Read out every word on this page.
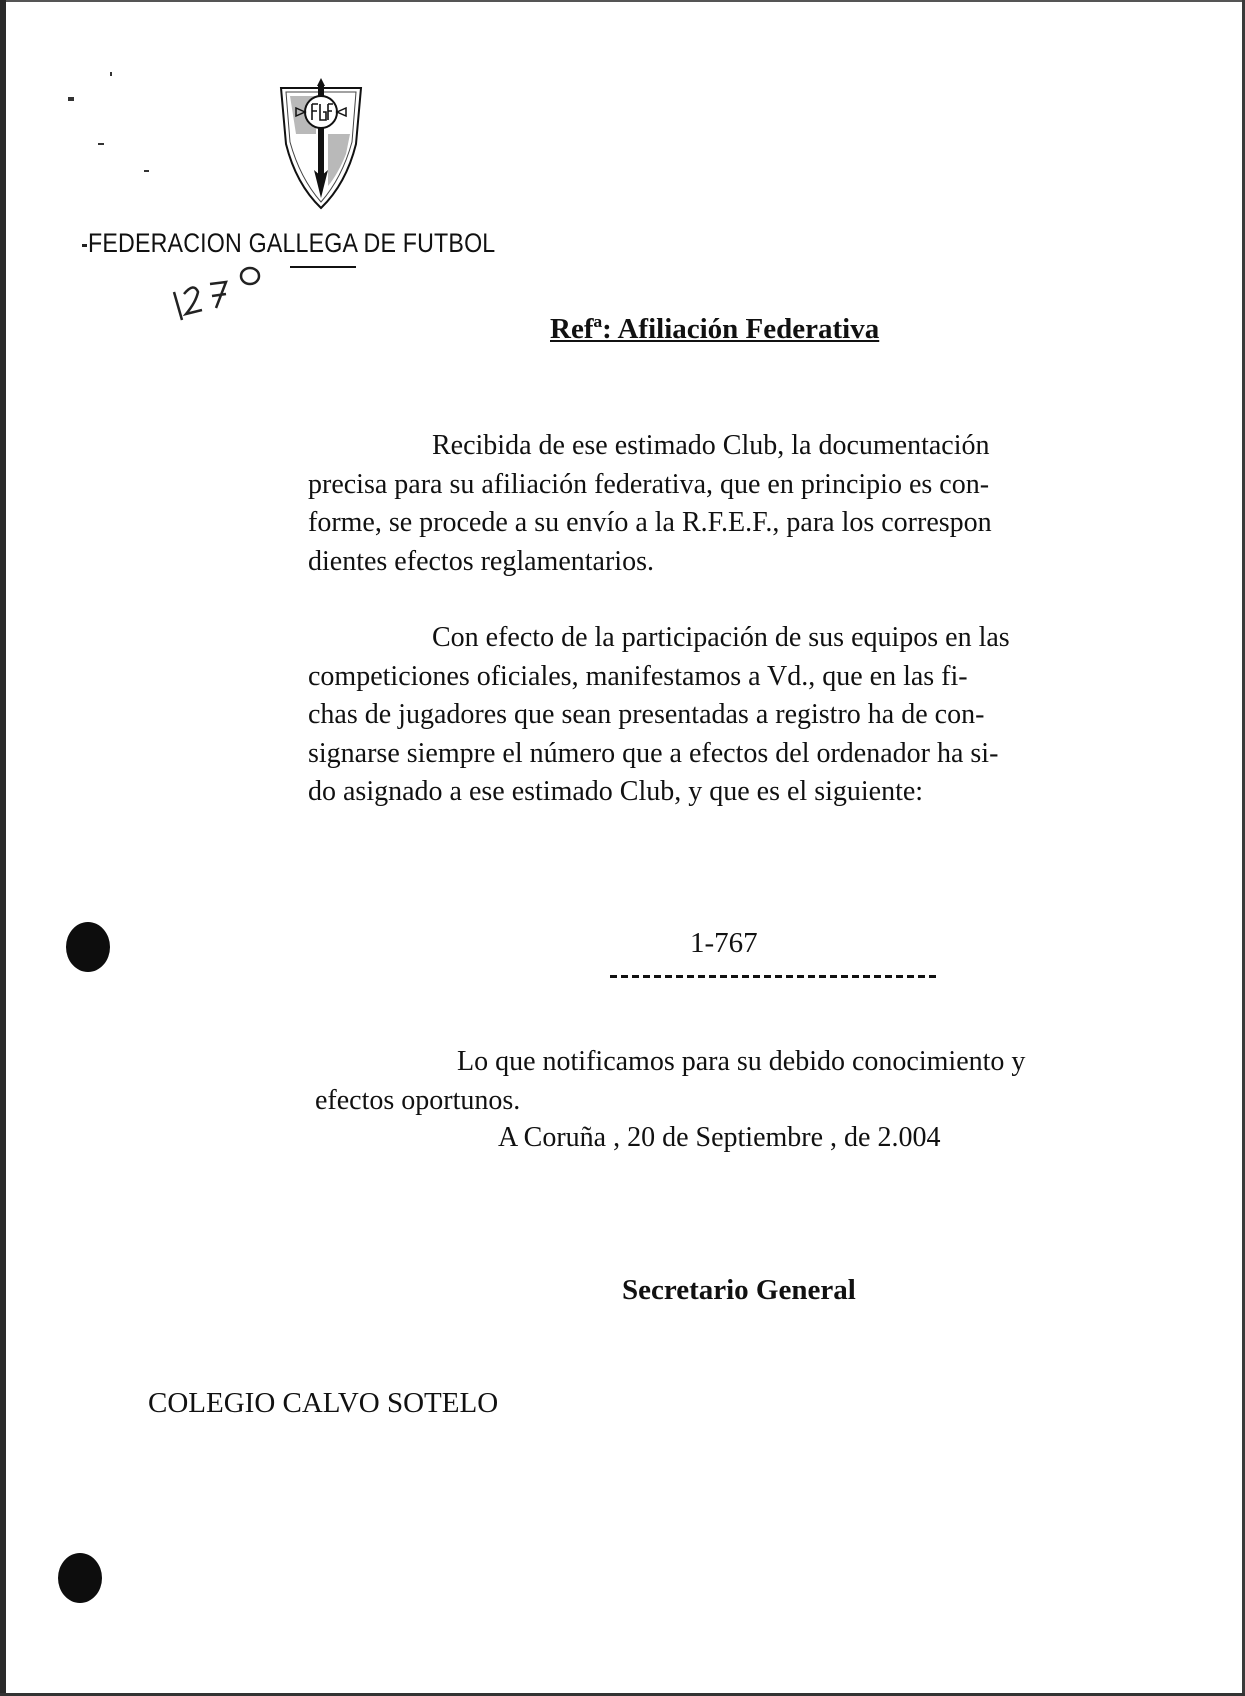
FEDERACION GALLEGA DE FUTBOL
Refª: Afiliación Federativa
Recibida de ese estimado Club, la documentación
precisa para su afiliación federativa, que en principio es con-
forme, se procede a su envío a la R.F.E.F., para los correspon
dientes efectos reglamentarios.
Con efecto de la participación de sus equipos en las
competiciones oficiales, manifestamos a Vd., que en las fi-
chas de jugadores que sean presentadas a registro ha de con-
signarse siempre el número que a efectos del ordenador ha si-
do asignado a ese estimado Club, y que es el siguiente:
1-767
Lo que notificamos para su debido conocimiento y
efectos oportunos.
A Coruña , 20 de Septiembre , de 2.004
Secretario General
COLEGIO CALVO SOTELO
